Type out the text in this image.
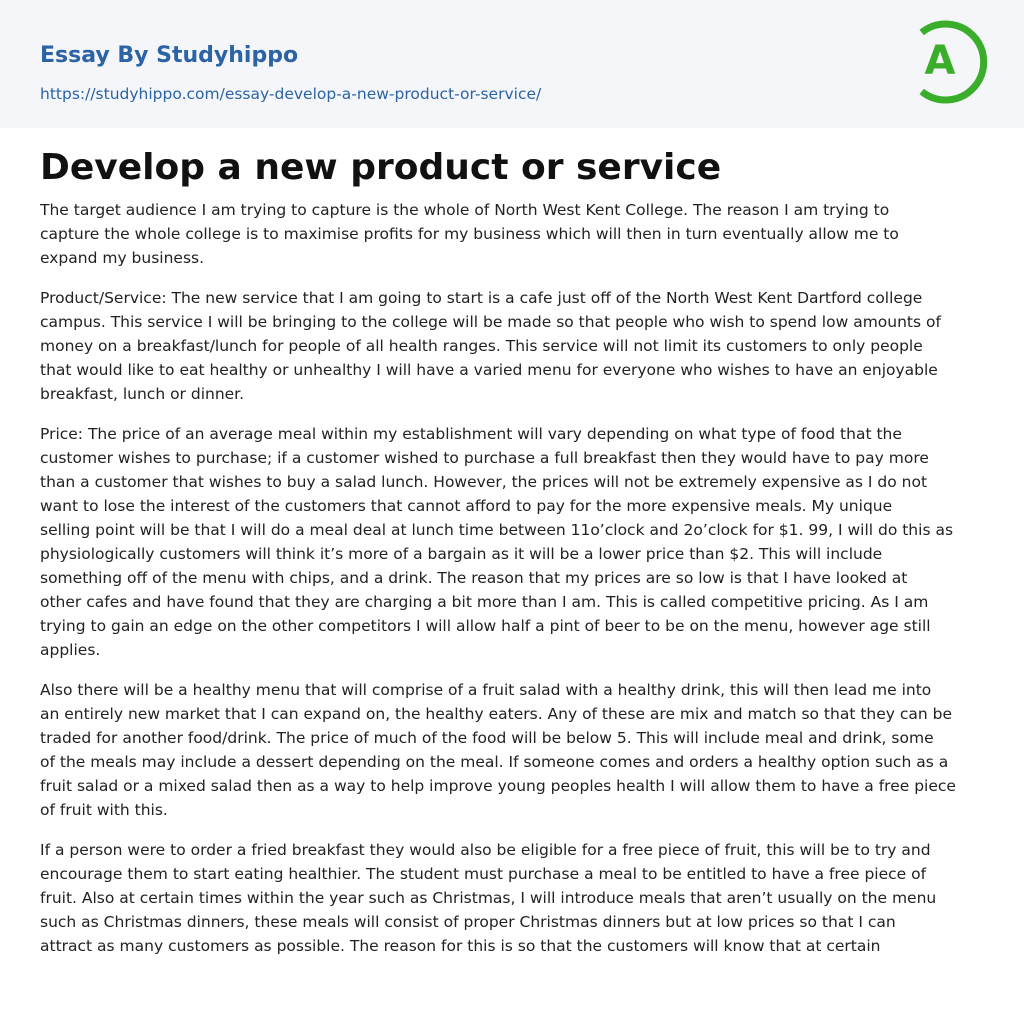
Essay By Studyhippo
https://studyhippo.com/essay-develop-a-new-product-or-service/
A
Develop a new product or service

The target audience I am trying to capture is the whole of North West Kent College. The reason I am trying to
capture the whole college is to maximise profits for my business which will then in turn eventually allow me to
expand my business.

Product/Service: The new service that I am going to start is a cafe just off of the North West Kent Dartford college
campus. This service I will be bringing to the college will be made so that people who wish to spend low amounts of
money on a breakfast/lunch for people of all health ranges. This service will not limit its customers to only people
that would like to eat healthy or unhealthy I will have a varied menu for everyone who wishes to have an enjoyable
breakfast, lunch or dinner.

Price: The price of an average meal within my establishment will vary depending on what type of food that the
customer wishes to purchase; if a customer wished to purchase a full breakfast then they would have to pay more
than a customer that wishes to buy a salad lunch. However, the prices will not be extremely expensive as I do not
want to lose the interest of the customers that cannot afford to pay for the more expensive meals. My unique
selling point will be that I will do a meal deal at lunch time between 11o’clock and 2o’clock for $1. 99, I will do this as
physiologically customers will think it’s more of a bargain as it will be a lower price than $2. This will include
something off of the menu with chips, and a drink. The reason that my prices are so low is that I have looked at
other cafes and have found that they are charging a bit more than I am. This is called competitive pricing. As I am
trying to gain an edge on the other competitors I will allow half a pint of beer to be on the menu, however age still
applies.

Also there will be a healthy menu that will comprise of a fruit salad with a healthy drink, this will then lead me into
an entirely new market that I can expand on, the healthy eaters. Any of these are mix and match so that they can be
traded for another food/drink. The price of much of the food will be below 5. This will include meal and drink, some
of the meals may include a dessert depending on the meal. If someone comes and orders a healthy option such as a
fruit salad or a mixed salad then as a way to help improve young peoples health I will allow them to have a free piece
of fruit with this.

If a person were to order a fried breakfast they would also be eligible for a free piece of fruit, this will be to try and
encourage them to start eating healthier. The student must purchase a meal to be entitled to have a free piece of
fruit. Also at certain times within the year such as Christmas, I will introduce meals that aren’t usually on the menu
such as Christmas dinners, these meals will consist of proper Christmas dinners but at low prices so that I can
attract as many customers as possible. The reason for this is so that the customers will know that at certain
